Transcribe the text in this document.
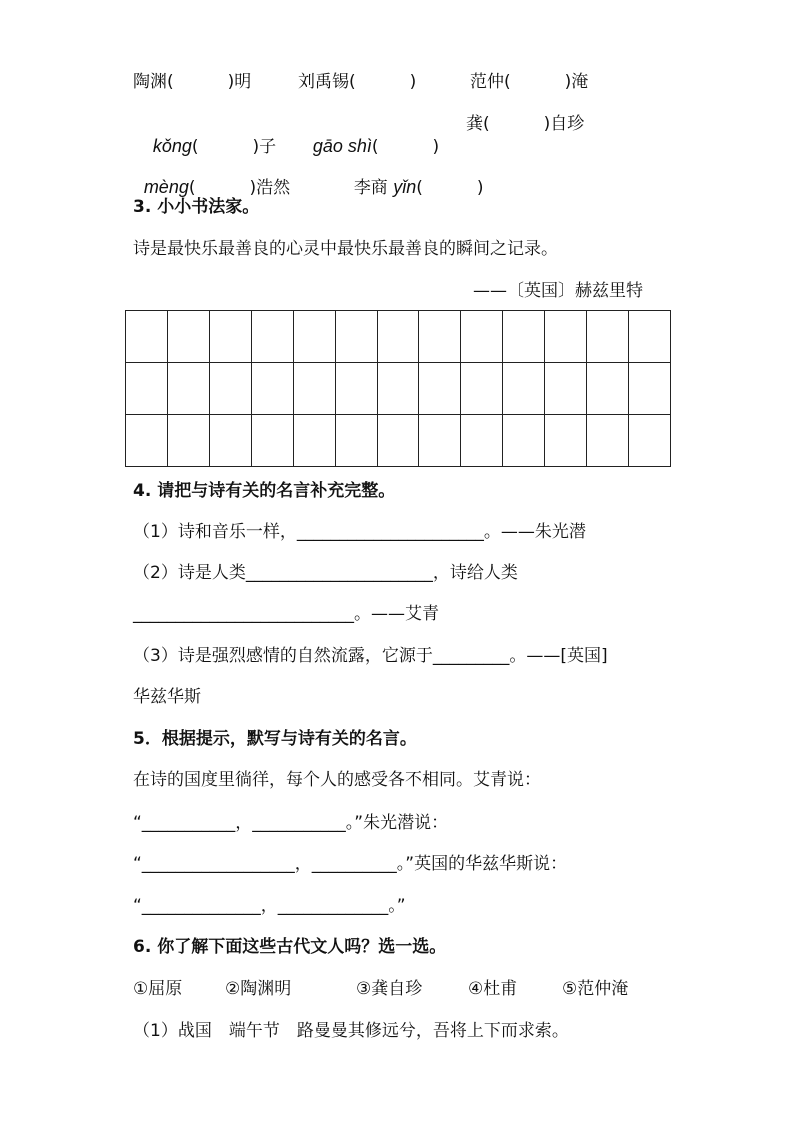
陶渊(          )明	刘禹锡(          )	范仲(          )淹

kǒng(          )子	gāo shì(          )

龚(          )自珍

mèng(          )浩然	李商 yǐn(          )

3. 小小书法家。
诗是最快乐最善良的心灵中最快乐最善良的瞬间之记录。
——〔英国〕赫兹里特
4. 请把与诗有关的名言补充完整。
（1）诗和音乐一样，______________________。——朱光潜
（2）诗是人类______________________，诗给人类
__________________________。——艾青
（3）诗是强烈感情的自然流露，它源于_________。——[英国]
华兹华斯
5．根据提示，默写与诗有关的名言。
在诗的国度里徜徉，每个人的感受各不相同。艾青说：
“___________，___________。”朱光潜说：
“__________________，__________。”英国的华兹华斯说：
“______________，_____________。”
6. 你了解下面这些古代文人吗？选一选。
①屈原	②陶渊明	③龚自珍	④杜甫	⑤范仲淹
（1）战国　端午节　路曼曼其修远兮，吾将上下而求索。
